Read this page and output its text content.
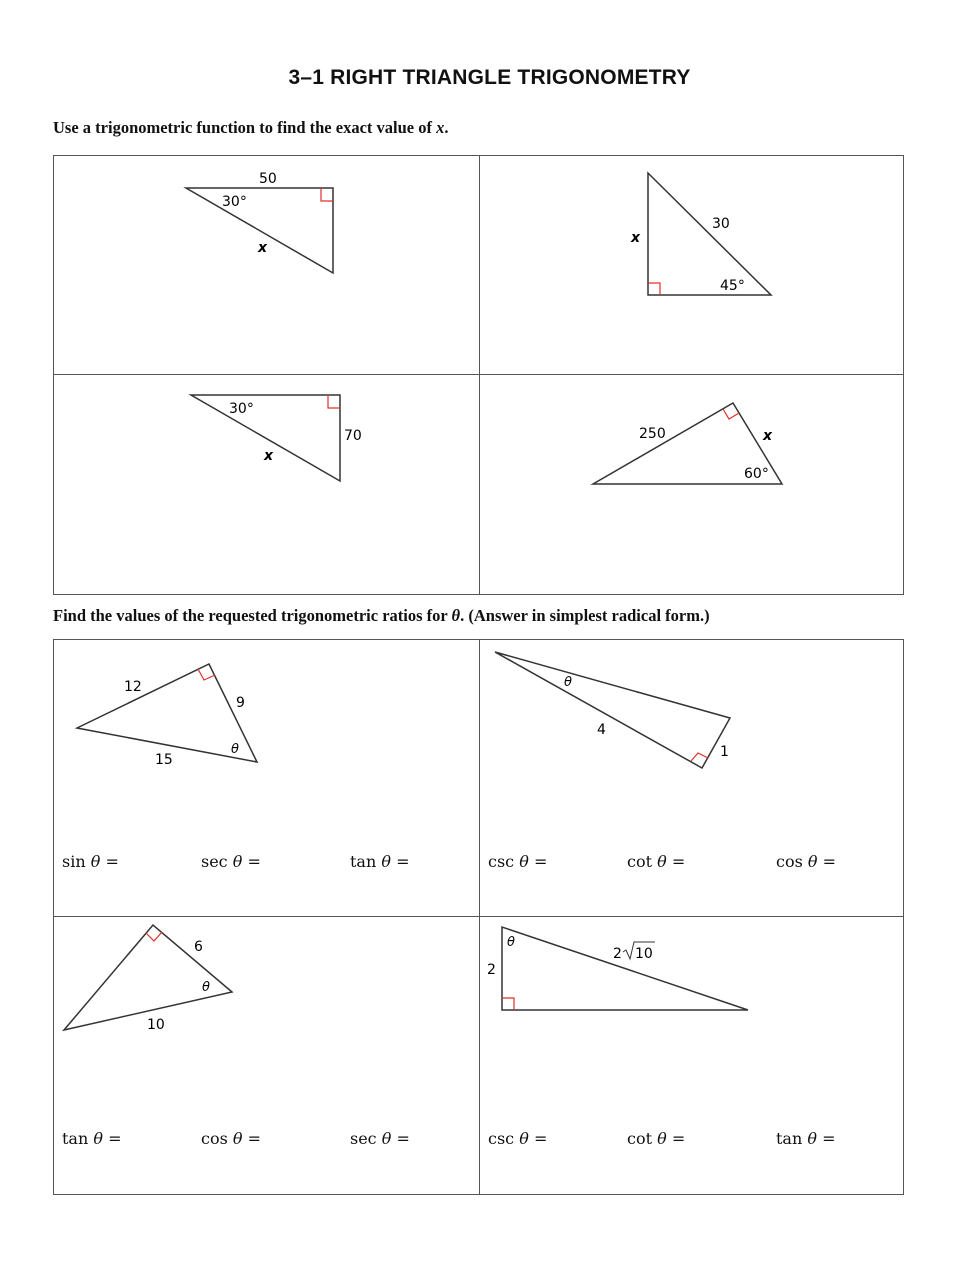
3–1 RIGHT TRIANGLE TRIGONOMETRY
Use a trigonometric function to find the exact value of x.
50
30°
x
x
30
45°
30°
70
x
250	x
60°
Find the values of the requested trigonometric ratios for θ. (Answer in simplest radical form.)
12
9
15
θ
sin θ =	sec θ =	tan θ =
θ
4
1
csc θ =	cot θ =	cos θ =
6
θ
10
tan θ =	cos θ =	sec θ =
θ
2
2 10
csc θ =	cot θ =	tan θ =
